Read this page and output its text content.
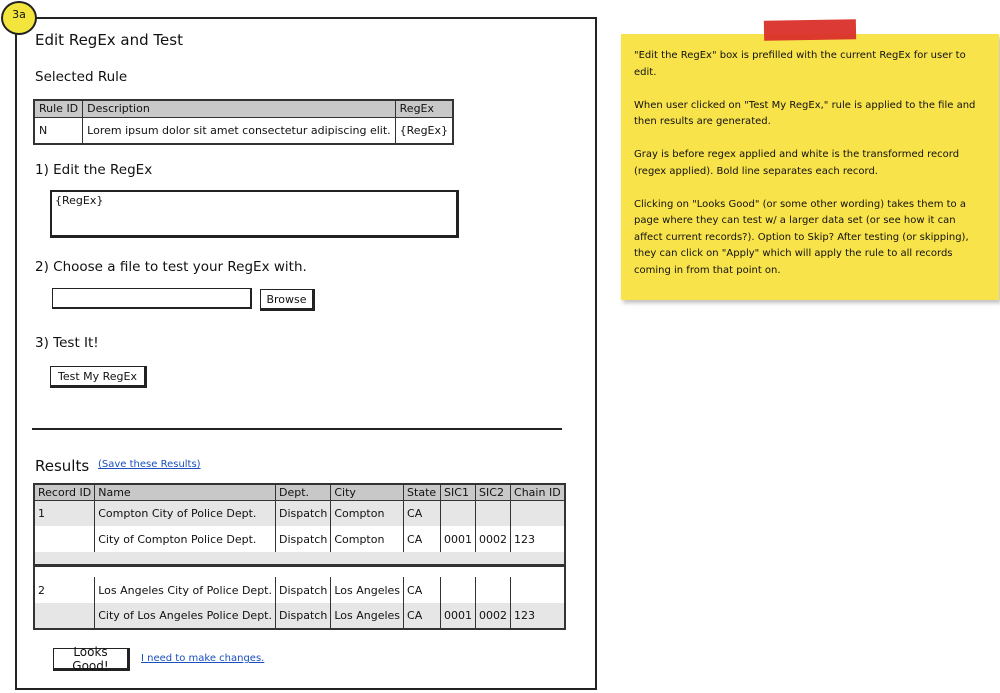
3a
Edit RegEx and Test
Selected Rule
Rule ID	Description	RegEx
N	Lorem ipsum dolor sit amet consectetur adipiscing elit.	{RegEx}
1) Edit the RegEx
{RegEx}
2) Choose a file to test your RegEx with.
Browse
3) Test It!
Test My RegEx
Results (Save these Results)
Record ID	Name	Dept.	City	State	SIC1	SIC2	Chain ID
1	Compton City of Police Dept.	Dispatch	Compton	CA			
	City of Compton Police Dept.	Dispatch	Compton	CA	0001	0002	123

2	Los Angeles City of Police Dept.	Dispatch	Los Angeles	CA			
	City of Los Angeles Police Dept.	Dispatch	Los Angeles	CA	0001	0002	123
Looks Good!	I need to make changes.

"Edit the RegEx" box is prefilled with the current RegEx for user to edit.

When user clicked on "Test My RegEx," rule is applied to the file and then results are generated.

Gray is before regex applied and white is the transformed record (regex applied). Bold line separates each record.

Clicking on "Looks Good" (or some other wording) takes them to a page where they can test w/ a larger data set (or see how it can affect current records?). Option to Skip? After testing (or skipping), they can click on "Apply" which will apply the rule to all records coming in from that point on.
